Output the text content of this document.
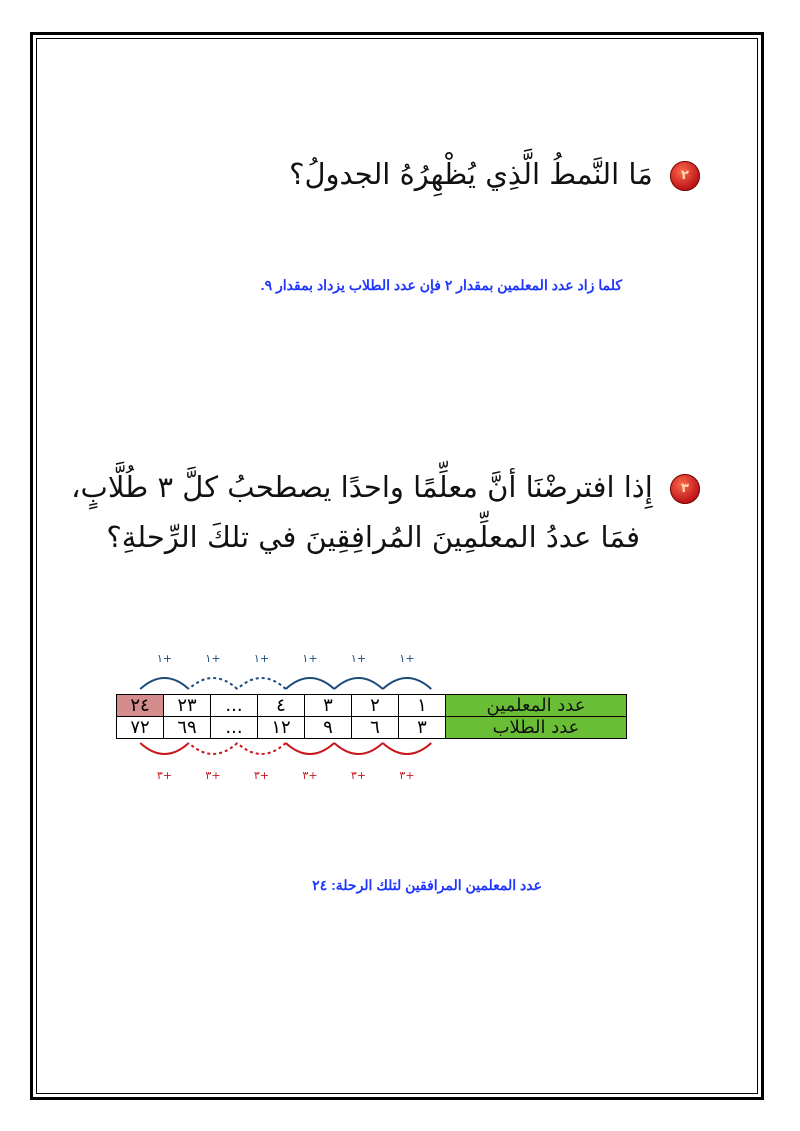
٢ مَا النَّمطُ الَّذِي يُظْهِرُهُ الجدولُ؟
كلما زاد عدد المعلمين بمقدار ٢ فإن عدد الطلاب يزداد بمقدار ٩.
٣ إِذا افترضْنَا أنَّ معلِّمًا واحدًا يصطحبُ كلَّ ٣ طُلَّابٍ،
فمَا عددُ المعلِّمِينَ المُرافِقِينَ في تلكَ الرِّحلةِ؟
١+
٣+
١+
٣+
١+
٣+
١+
٣+
١+
٣+
١+
٣+
عدد المعلمين	١	٢	٣	٤	...	٢٣	٢٤
عدد الطلاب	٣	٦	٩	١٢	...	٦٩	٧٢
عدد المعلمين المرافقين لتلك الرحلة: ٢٤
